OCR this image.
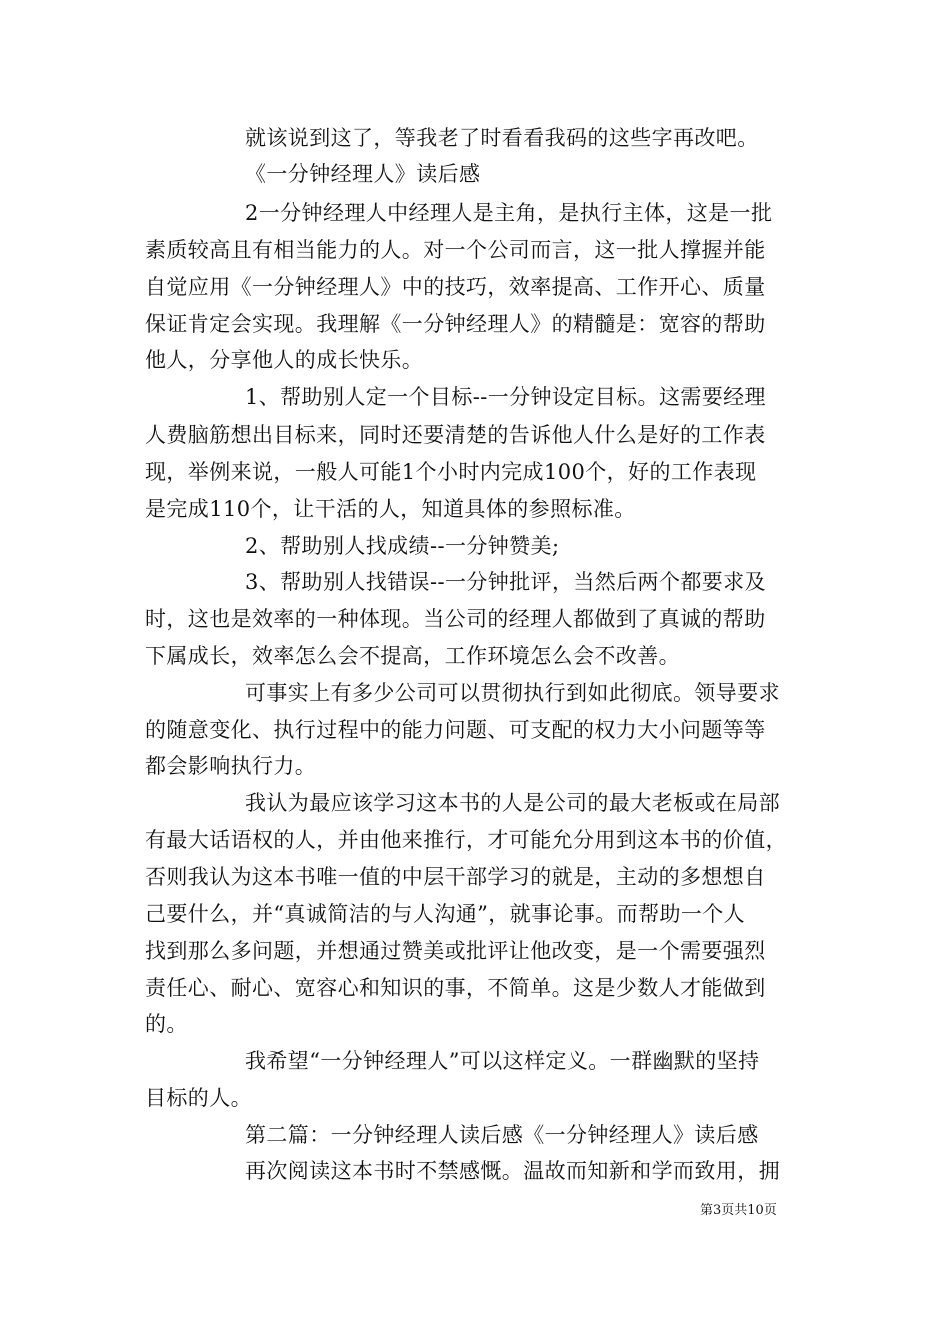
就该说到这了，等我老了时看看我码的这些字再改吧。
《一分钟经理人》读后感
2一分钟经理人中经理人是主角，是执行主体，这是一批
素质较高且有相当能力的人。对一个公司而言，这一批人撑握并能
自觉应用《一分钟经理人》中的技巧，效率提高、工作开心、质量
保证肯定会实现。我理解《一分钟经理人》的精髓是：宽容的帮助
他人，分享他人的成长快乐。
1、帮助别人定一个目标--一分钟设定目标。这需要经理
人费脑筋想出目标来，同时还要清楚的告诉他人什么是好的工作表
现，举例来说，一般人可能1个小时内完成100个，好的工作表现
是完成110个，让干活的人，知道具体的参照标准。
2、帮助别人找成绩--一分钟赞美;
3、帮助别人找错误--一分钟批评，当然后两个都要求及
时，这也是效率的一种体现。当公司的经理人都做到了真诚的帮助
下属成长，效率怎么会不提高，工作环境怎么会不改善。
可事实上有多少公司可以贯彻执行到如此彻底。领导要求
的随意变化、执行过程中的能力问题、可支配的权力大小问题等等
都会影响执行力。
我认为最应该学习这本书的人是公司的最大老板或在局部
有最大话语权的人，并由他来推行，才可能允分用到这本书的价值，
否则我认为这本书唯一值的中层干部学习的就是，主动的多想想自
己要什么，并“真诚简洁的与人沟通”，就事论事。而帮助一个人
找到那么多问题，并想通过赞美或批评让他改变，是一个需要强烈
责任心、耐心、宽容心和知识的事，不简单。这是少数人才能做到
的。
我希望“一分钟经理人”可以这样定义。一群幽默的坚持
目标的人。
第二篇：一分钟经理人读后感《一分钟经理人》读后感
再次阅读这本书时不禁感慨。温故而知新和学而致用，拥
第3页共10页
